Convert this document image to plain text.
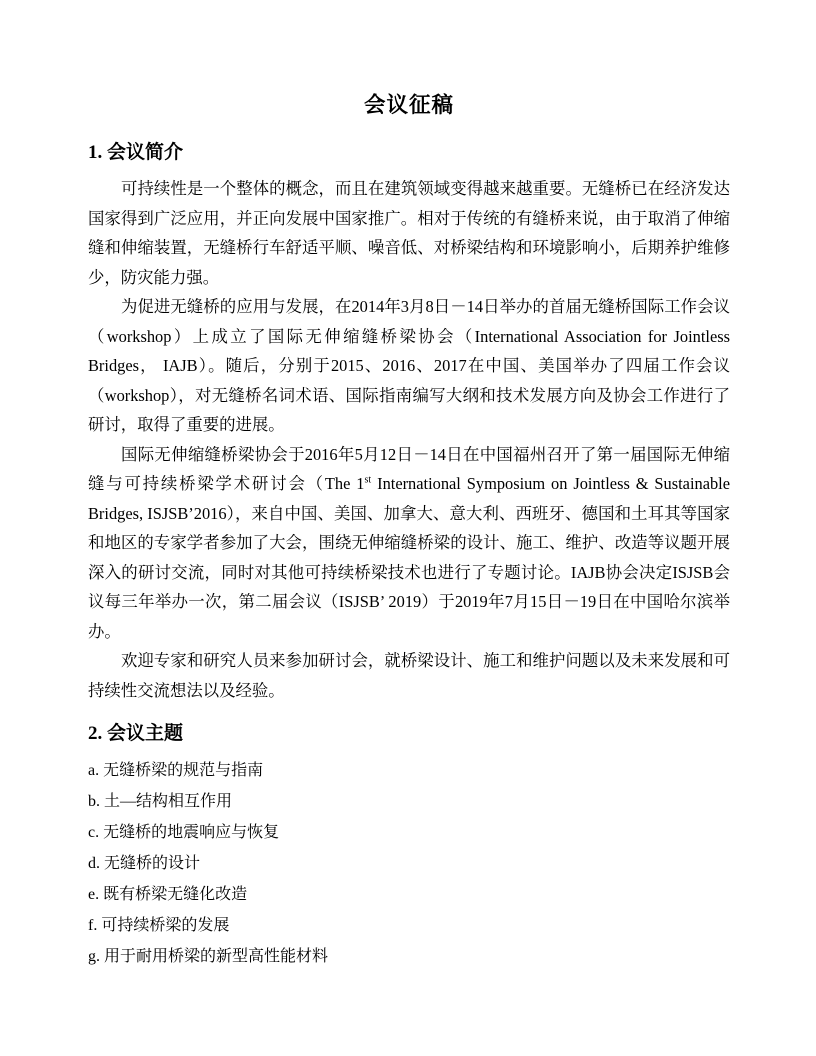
会议征稿
1. 会议简介

可持续性是一个整体的概念，而且在建筑领域变得越来越重要。无缝桥已在经济发达国家得到广泛应用，并正向发展中国家推广。相对于传统的有缝桥来说，由于取消了伸缩缝和伸缩装置，无缝桥行车舒适平顺、噪音低、对桥梁结构和环境影响小，后期养护维修少，防灾能力强。

为促进无缝桥的应用与发展，在2014年3月8日－14日举办的首届无缝桥国际工作会议（workshop）上成立了国际无伸缩缝桥梁协会（International Association for Jointless Bridges， IAJB）。随后，分别于2015、2016、2017在中国、美国举办了四届工作会议（workshop），对无缝桥名词术语、国际指南编写大纲和技术发展方向及协会工作进行了研讨，取得了重要的进展。

国际无伸缩缝桥梁协会于2016年5月12日－14日在中国福州召开了第一届国际无伸缩缝与可持续桥梁学术研讨会（The 1st International Symposium on Jointless & Sustainable Bridges, ISJSB’2016），来自中国、美国、加拿大、意大利、西班牙、德国和土耳其等国家和地区的专家学者参加了大会，围绕无伸缩缝桥梁的设计、施工、维护、改造等议题开展深入的研讨交流，同时对其他可持续桥梁技术也进行了专题讨论。IAJB协会决定ISJSB会议每三年举办一次，第二届会议（ISJSB’ 2019）于2019年7月15日－19日在中国哈尔滨举办。

欢迎专家和研究人员来参加研讨会，就桥梁设计、施工和维护问题以及未来发展和可持续性交流想法以及经验。

2. 会议主题

a. 无缝桥梁的规范与指南

b. 土—结构相互作用

c. 无缝桥的地震响应与恢复

d. 无缝桥的设计

e. 既有桥梁无缝化改造

f. 可持续桥梁的发展

g. 用于耐用桥梁的新型高性能材料
